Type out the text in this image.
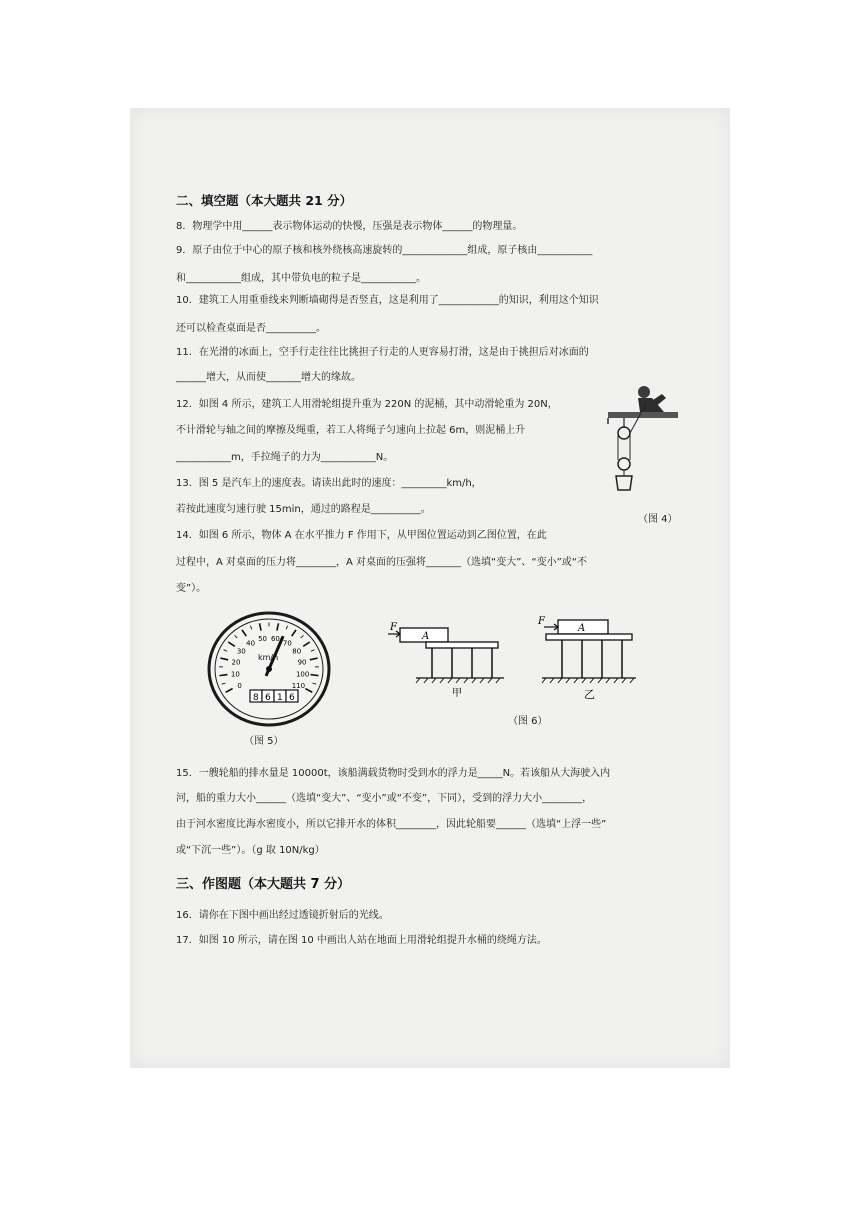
二、填空题（本大题共 21 分）
8．物理学中用______表示物体运动的快慢，压强是表示物体______的物理量。
9．原子由位于中心的原子核和核外绕核高速旋转的_____________组成，原子核由___________
和___________组成，其中带负电的粒子是___________。
10．建筑工人用重垂线来判断墙砌得是否竖直，这是利用了____________的知识，利用这个知识
还可以检查桌面是否__________。
11．在光滑的冰面上，空手行走往往比挑担子行走的人更容易打滑，这是由于挑担后对冰面的
______增大，从而使_______增大的缘故。
12．如图 4 所示，建筑工人用滑轮组提升重为 220N 的泥桶，其中动滑轮重为 20N，
不计滑轮与轴之间的摩擦及绳重，若工人将绳子匀速向上拉起 6m，则泥桶上升
___________m，手拉绳子的力为___________N。
13．图 5 是汽车上的速度表。请读出此时的速度：_________km/h，
若按此速度匀速行驶 15min，通过的路程是__________。
14．如图 6 所示，物体 A 在水平推力 F 作用下，从甲图位置运动到乙图位置，在此
过程中，A 对桌面的压力将________，A 对桌面的压强将_______（选填“变大”、“变小”或“不
变”）。
（图 4）
0
10
20
30
40
50 60
70
80
90
100
110
km/h
8 6 1 6
（图 5）
A
F
甲
A
F
乙
（图 6）
15．一艘轮船的排水量是 10000t，该船满载货物时受到水的浮力是_____N。若该船从大海驶入内
河，船的重力大小______（选填“变大”、“变小”或“不变”，下同），受到的浮力大小________，
由于河水密度比海水密度小，所以它排开水的体积________，因此轮船要______（选填“上浮一些”
或“下沉一些”）。（g 取 10N/kg）
三、作图题（本大题共 7 分）
16．请你在下图中画出经过透镜折射后的光线。
17．如图 10 所示，请在图 10 中画出人站在地面上用滑轮组提升水桶的绕绳方法。
